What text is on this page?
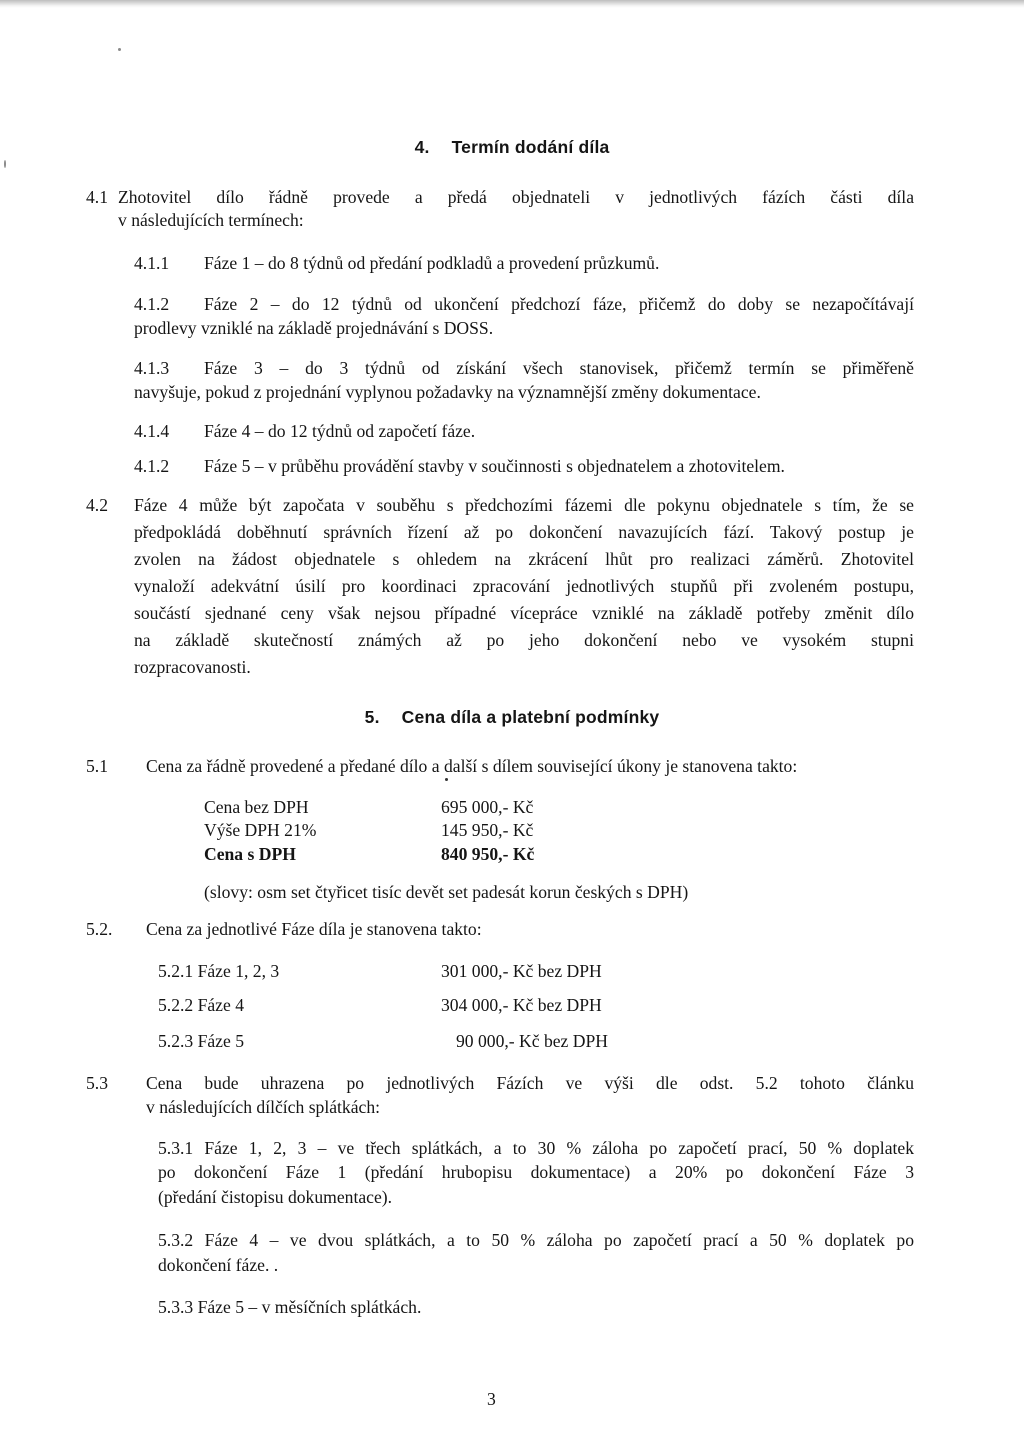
4. Termín dodání díla
4.1 Zhotovitel dílo řádně provede a předá objednateli v jednotlivých fázích části díla
v následujících termínech:
4.1.1 Fáze 1 – do 8 týdnů od předání podkladů a provedení průzkumů.
4.1.2 Fáze 2 – do 12 týdnů od ukončení předchozí fáze, přičemž do doby se nezapočítávají
prodlevy vzniklé na základě projednávání s DOSS.
4.1.3 Fáze 3 – do 3 týdnů od získání všech stanovisek, přičemž termín se přiměřeně
navyšuje, pokud z projednání vyplynou požadavky na významnější změny dokumentace.
4.1.4 Fáze 4 – do 12 týdnů od započetí fáze.
4.1.2 Fáze 5 – v průběhu provádění stavby v součinnosti s objednatelem a zhotovitelem.
4.2 Fáze 4 může být započata v souběhu s předchozími fázemi dle pokynu objednatele s tím, že se
předpokládá doběhnutí správních řízení až po dokončení navazujících fází. Takový postup je
zvolen na žádost objednatele s ohledem na zkrácení lhůt pro realizaci záměrů. Zhotovitel
vynaloží adekvátní úsilí pro koordinaci zpracování jednotlivých stupňů při zvoleném postupu,
součástí sjednané ceny však nejsou případné vícepráce vzniklé na základě potřeby změnit dílo
na základě skutečností známých až po jeho dokončení nebo ve vysokém stupni
rozpracovanosti.
5. Cena díla a platební podmínky
5.1 Cena za řádně provedené a předané dílo a další s dílem související úkony je stanovena takto:
Cena bez DPH	695 000,- Kč
Výše DPH 21%	145 950,- Kč
Cena s DPH	840 950,- Kč
(slovy: osm set čtyřicet tisíc devět set padesát korun českých s DPH)
5.2. Cena za jednotlivé Fáze díla je stanovena takto:
5.2.1 Fáze 1, 2, 3	301 000,- Kč bez DPH
5.2.2 Fáze 4	304 000,- Kč bez DPH
5.2.3 Fáze 5	90 000,- Kč bez DPH
5.3 Cena bude uhrazena po jednotlivých Fázích ve výši dle odst. 5.2 tohoto článku
v následujících dílčích splátkách:
5.3.1 Fáze 1, 2, 3 – ve třech splátkách, a to 30 % záloha po započetí prací, 50 % doplatek
po dokončení Fáze 1 (předání hrubopisu dokumentace) a 20% po dokončení Fáze 3
(předání čistopisu dokumentace).
5.3.2 Fáze 4 – ve dvou splátkách, a to 50 % záloha po započetí prací a 50 % doplatek po
dokončení fáze. .
5.3.3 Fáze 5 – v měsíčních splátkách.
3
